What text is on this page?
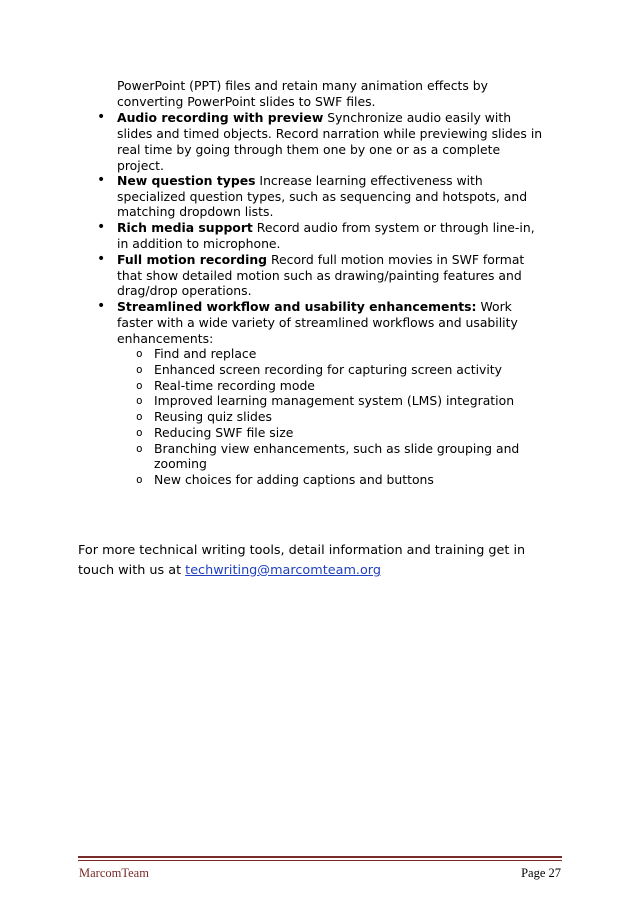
PowerPoint (PPT) files and retain many animation effects by
converting PowerPoint slides to SWF files.
• Audio recording with preview Synchronize audio easily with
slides and timed objects. Record narration while previewing slides in
real time by going through them one by one or as a complete
project.
• New question types Increase learning effectiveness with
specialized question types, such as sequencing and hotspots, and
matching dropdown lists.
• Rich media support Record audio from system or through line-in,
in addition to microphone.
• Full motion recording Record full motion movies in SWF format
that show detailed motion such as drawing/painting features and
drag/drop operations.
• Streamlined workflow and usability enhancements: Work
faster with a wide variety of streamlined workflows and usability
enhancements:
o Find and replace
o Enhanced screen recording for capturing screen activity
o Real-time recording mode
o Improved learning management system (LMS) integration
o Reusing quiz slides
o Reducing SWF file size
o Branching view enhancements, such as slide grouping and
zooming
o New choices for adding captions and buttons
For more technical writing tools, detail information and training get in
touch with us at techwriting@marcomteam.org
MarcomTeam	Page 27
